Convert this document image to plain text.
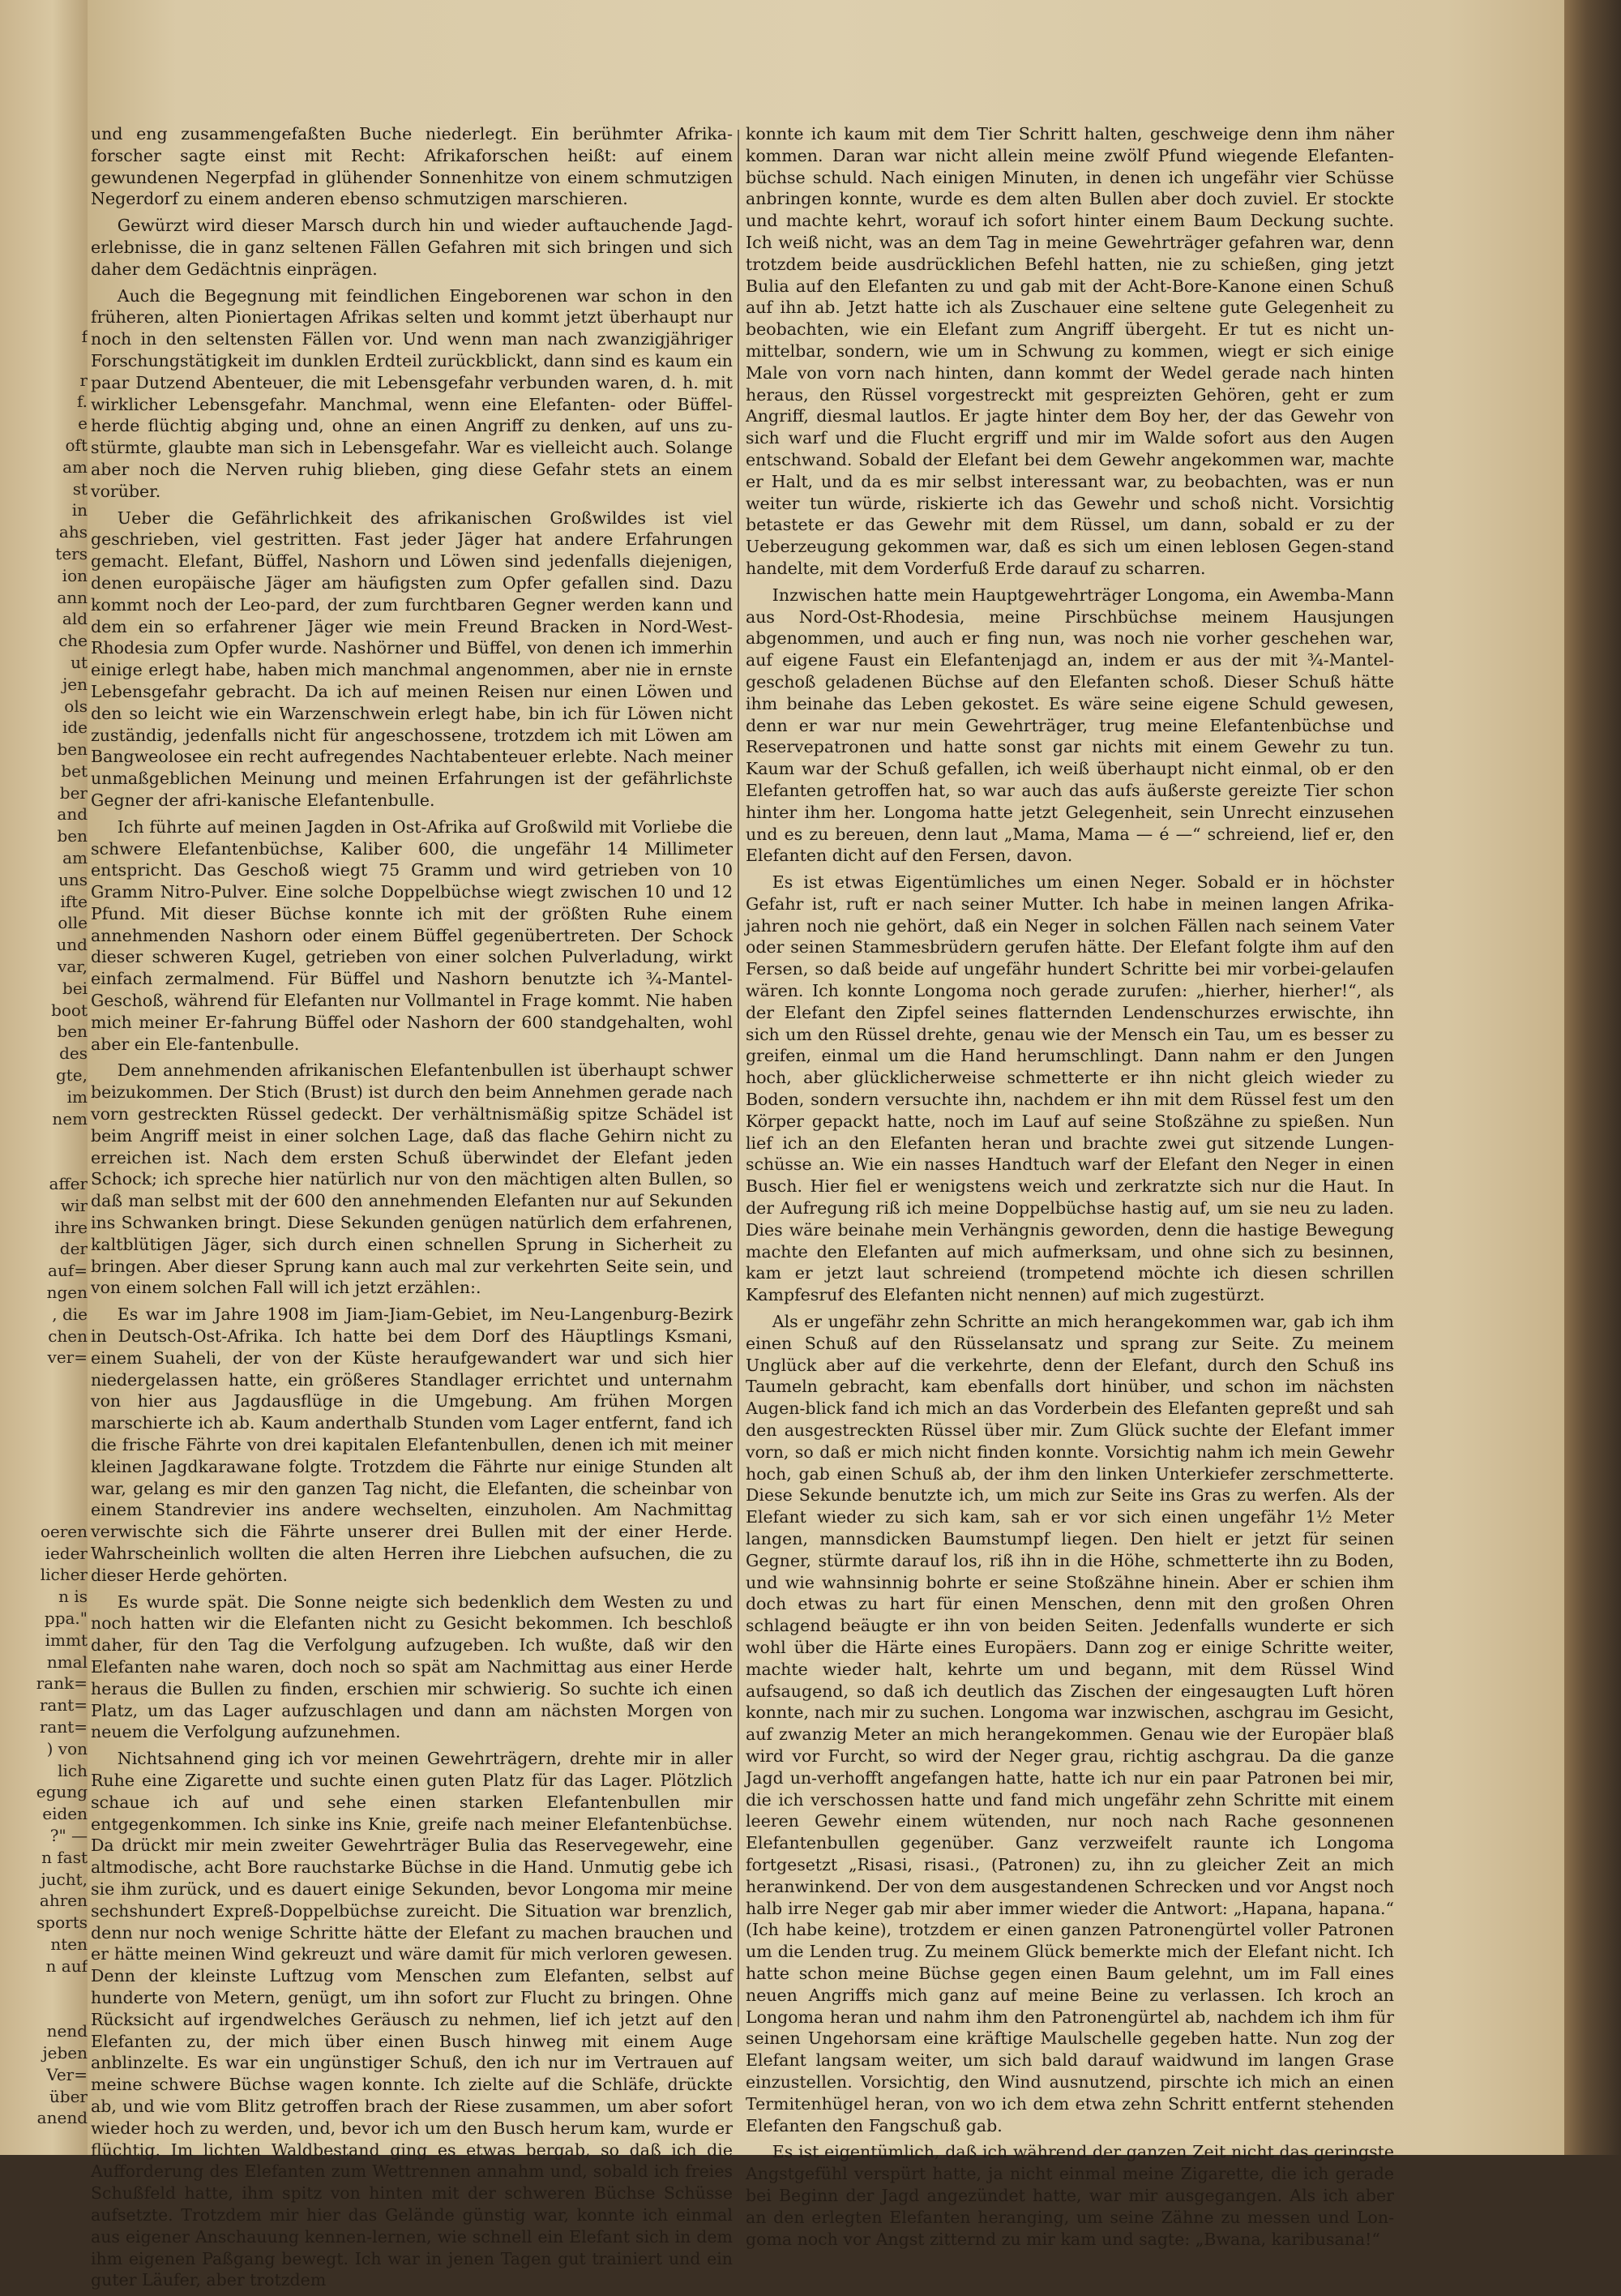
f
r
f.
e
oft
am
st
in
ahs
ters
ion
ann
ald
che
ut
jen
ols
ide
ben
bet
ber
and
ben
am
uns
ifte
olle
und
var,
bei
boot
ben
des
gte,
im
nem
affer
wir
ihre
der
auf=
ngen
, die
chen
ver=
oeren
ieder
licher
n is
ppa."
immt
nmal
rank=
rant=
rant=
) von
lich
egung
eiden
?" —
n fast
jucht,
ahren
sports
nten
n auf
nend
jeben
Ver=
über
anend

und eng zusammengefaßten Buche niederlegt. Ein berühmter Afrika-forscher sagte einst mit Recht: Afrikaforschen heißt: auf einem gewundenen Negerpfad in glühender Sonnenhitze von einem schmutzigen Negerdorf zu einem anderen ebenso schmutzigen marschieren.

Gewürzt wird dieser Marsch durch hin und wieder auftauchende Jagd-erlebnisse, die in ganz seltenen Fällen Gefahren mit sich bringen und sich daher dem Gedächtnis einprägen.

Auch die Begegnung mit feindlichen Eingeborenen war schon in den früheren, alten Pioniertagen Afrikas selten und kommt jetzt überhaupt nur noch in den seltensten Fällen vor. Und wenn man nach zwanzigjähriger Forschungstätigkeit im dunklen Erdteil zurückblickt, dann sind es kaum ein paar Dutzend Abenteuer, die mit Lebensgefahr verbunden waren, d. h. mit wirklicher Lebensgefahr. Manchmal, wenn eine Elefanten- oder Büffel-herde flüchtig abging und, ohne an einen Angriff zu denken, auf uns zu-stürmte, glaubte man sich in Lebensgefahr. War es vielleicht auch. Solange aber noch die Nerven ruhig blieben, ging diese Gefahr stets an einem vorüber.

Ueber die Gefährlichkeit des afrikanischen Großwildes ist viel geschrieben, viel gestritten. Fast jeder Jäger hat andere Erfahrungen gemacht. Elefant, Büffel, Nashorn und Löwen sind jedenfalls diejenigen, denen europäische Jäger am häufigsten zum Opfer gefallen sind. Dazu kommt noch der Leo-pard, der zum furchtbaren Gegner werden kann und dem ein so erfahrener Jäger wie mein Freund Bracken in Nord-West-Rhodesia zum Opfer wurde. Nashörner und Büffel, von denen ich immerhin einige erlegt habe, haben mich manchmal angenommen, aber nie in ernste Lebensgefahr gebracht. Da ich auf meinen Reisen nur einen Löwen und den so leicht wie ein Warzenschwein erlegt habe, bin ich für Löwen nicht zuständig, jedenfalls nicht für angeschossene, trotzdem ich mit Löwen am Bangweolosee ein recht aufregendes Nachtabenteuer erlebte. Nach meiner unmaßgeblichen Meinung und meinen Erfahrungen ist der gefährlichste Gegner der afri-kanische Elefantenbulle.

Ich führte auf meinen Jagden in Ost-Afrika auf Großwild mit Vorliebe die schwere Elefantenbüchse, Kaliber 600, die ungefähr 14 Millimeter entspricht. Das Geschoß wiegt 75 Gramm und wird getrieben von 10 Gramm Nitro-Pulver. Eine solche Doppelbüchse wiegt zwischen 10 und 12 Pfund. Mit dieser Büchse konnte ich mit der größten Ruhe einem annehmenden Nashorn oder einem Büffel gegenübertreten. Der Schock dieser schweren Kugel, getrieben von einer solchen Pulverladung, wirkt einfach zermalmend. Für Büffel und Nashorn benutzte ich ¾-Mantel-Geschoß, während für Elefanten nur Vollmantel in Frage kommt. Nie haben mich meiner Er-fahrung Büffel oder Nashorn der 600 standgehalten, wohl aber ein Ele-fantenbulle.

Dem annehmenden afrikanischen Elefantenbullen ist überhaupt schwer beizukommen. Der Stich (Brust) ist durch den beim Annehmen gerade nach vorn gestreckten Rüssel gedeckt. Der verhältnismäßig spitze Schädel ist beim Angriff meist in einer solchen Lage, daß das flache Gehirn nicht zu erreichen ist. Nach dem ersten Schuß überwindet der Elefant jeden Schock; ich spreche hier natürlich nur von den mächtigen alten Bullen, so daß man selbst mit der 600 den annehmenden Elefanten nur auf Sekunden ins Schwanken bringt. Diese Sekunden genügen natürlich dem erfahrenen, kaltblütigen Jäger, sich durch einen schnellen Sprung in Sicherheit zu bringen. Aber dieser Sprung kann auch mal zur verkehrten Seite sein, und von einem solchen Fall will ich jetzt erzählen:.

Es war im Jahre 1908 im Jiam-Jiam-Gebiet, im Neu-Langenburg-Bezirk in Deutsch-Ost-Afrika. Ich hatte bei dem Dorf des Häuptlings Ksmani, einem Suaheli, der von der Küste heraufgewandert war und sich hier niedergelassen hatte, ein größeres Standlager errichtet und unternahm von hier aus Jagdausflüge in die Umgebung. Am frühen Morgen marschierte ich ab. Kaum anderthalb Stunden vom Lager entfernt, fand ich die frische Fährte von drei kapitalen Elefantenbullen, denen ich mit meiner kleinen Jagdkarawane folgte. Trotzdem die Fährte nur einige Stunden alt war, gelang es mir den ganzen Tag nicht, die Elefanten, die scheinbar von einem Standrevier ins andere wechselten, einzuholen. Am Nachmittag verwischte sich die Fährte unserer drei Bullen mit der einer Herde. Wahrscheinlich wollten die alten Herren ihre Liebchen aufsuchen, die zu dieser Herde gehörten.

Es wurde spät. Die Sonne neigte sich bedenklich dem Westen zu und noch hatten wir die Elefanten nicht zu Gesicht bekommen. Ich beschloß daher, für den Tag die Verfolgung aufzugeben. Ich wußte, daß wir den Elefanten nahe waren, doch noch so spät am Nachmittag aus einer Herde heraus die Bullen zu finden, erschien mir schwierig. So suchte ich einen Platz, um das Lager aufzuschlagen und dann am nächsten Morgen von neuem die Verfolgung aufzunehmen.

Nichtsahnend ging ich vor meinen Gewehrträgern, drehte mir in aller Ruhe eine Zigarette und suchte einen guten Platz für das Lager. Plötzlich schaue ich auf und sehe einen starken Elefantenbullen mir entgegenkommen. Ich sinke ins Knie, greife nach meiner Elefantenbüchse. Da drückt mir mein zweiter Gewehrträger Bulia das Reservegewehr, eine altmodische, acht Bore rauchstarke Büchse in die Hand. Unmutig gebe ich sie ihm zurück, und es dauert einige Sekunden, bevor Longoma mir meine sechshundert Expreß-Doppelbüchse zureicht. Die Situation war brenzlich, denn nur noch wenige Schritte hätte der Elefant zu machen brauchen und er hätte meinen Wind gekreuzt und wäre damit für mich verloren gewesen. Denn der kleinste Luftzug vom Menschen zum Elefanten, selbst auf hunderte von Metern, genügt, um ihn sofort zur Flucht zu bringen. Ohne Rücksicht auf irgendwelches Geräusch zu nehmen, lief ich jetzt auf den Elefanten zu, der mich über einen Busch hinweg mit einem Auge anblinzelte. Es war ein ungünstiger Schuß, den ich nur im Vertrauen auf meine schwere Büchse wagen konnte. Ich zielte auf die Schläfe, drückte ab, und wie vom Blitz getroffen brach der Riese zusammen, um aber sofort wieder hoch zu werden, und, bevor ich um den Busch herum kam, wurde er flüchtig. Im lichten Waldbestand ging es etwas bergab, so daß ich die Aufforderung des Elefanten zum Wettrennen annahm und, sobald ich freies Schußfeld hatte, ihm spitz von hinten mit der schweren Büchse Schüsse aufsetzte. Trotzdem mir hier das Gelände günstig war, konnte ich einmal aus eigener Anschauung kennen-lernen, wie schnell ein Elefant sich in dem ihm eigenen Paßgang bewegt. Ich war in jenen Tagen gut trainiert und ein guter Läufer, aber trotzdem

konnte ich kaum mit dem Tier Schritt halten, geschweige denn ihm näher kommen. Daran war nicht allein meine zwölf Pfund wiegende Elefanten-büchse schuld. Nach einigen Minuten, in denen ich ungefähr vier Schüsse anbringen konnte, wurde es dem alten Bullen aber doch zuviel. Er stockte und machte kehrt, worauf ich sofort hinter einem Baum Deckung suchte. Ich weiß nicht, was an dem Tag in meine Gewehrträger gefahren war, denn trotzdem beide ausdrücklichen Befehl hatten, nie zu schießen, ging jetzt Bulia auf den Elefanten zu und gab mit der Acht-Bore-Kanone einen Schuß auf ihn ab. Jetzt hatte ich als Zuschauer eine seltene gute Gelegenheit zu beobachten, wie ein Elefant zum Angriff übergeht. Er tut es nicht un-mittelbar, sondern, wie um in Schwung zu kommen, wiegt er sich einige Male von vorn nach hinten, dann kommt der Wedel gerade nach hinten heraus, den Rüssel vorgestreckt mit gespreizten Gehören, geht er zum Angriff, diesmal lautlos. Er jagte hinter dem Boy her, der das Gewehr von sich warf und die Flucht ergriff und mir im Walde sofort aus den Augen entschwand. Sobald der Elefant bei dem Gewehr angekommen war, machte er Halt, und da es mir selbst interessant war, zu beobachten, was er nun weiter tun würde, riskierte ich das Gewehr und schoß nicht. Vorsichtig betastete er das Gewehr mit dem Rüssel, um dann, sobald er zu der Ueberzeugung gekommen war, daß es sich um einen leblosen Gegen-stand handelte, mit dem Vorderfuß Erde darauf zu scharren.

Inzwischen hatte mein Hauptgewehrträger Longoma, ein Awemba-Mann aus Nord-Ost-Rhodesia, meine Pirschbüchse meinem Hausjungen abgenommen, und auch er fing nun, was noch nie vorher geschehen war, auf eigene Faust ein Elefantenjagd an, indem er aus der mit ¾-Mantel-geschoß geladenen Büchse auf den Elefanten schoß. Dieser Schuß hätte ihm beinahe das Leben gekostet. Es wäre seine eigene Schuld gewesen, denn er war nur mein Gewehrträger, trug meine Elefantenbüchse und Reservepatronen und hatte sonst gar nichts mit einem Gewehr zu tun. Kaum war der Schuß gefallen, ich weiß überhaupt nicht einmal, ob er den Elefanten getroffen hat, so war auch das aufs äußerste gereizte Tier schon hinter ihm her. Longoma hatte jetzt Gelegenheit, sein Unrecht einzusehen und es zu bereuen, denn laut „Mama, Mama — é —“ schreiend, lief er, den Elefanten dicht auf den Fersen, davon.

Es ist etwas Eigentümliches um einen Neger. Sobald er in höchster Gefahr ist, ruft er nach seiner Mutter. Ich habe in meinen langen Afrika-jahren noch nie gehört, daß ein Neger in solchen Fällen nach seinem Vater oder seinen Stammesbrüdern gerufen hätte. Der Elefant folgte ihm auf den Fersen, so daß beide auf ungefähr hundert Schritte bei mir vorbei-gelaufen wären. Ich konnte Longoma noch gerade zurufen: „hierher, hierher!“, als der Elefant den Zipfel seines flatternden Lendenschurzes erwischte, ihn sich um den Rüssel drehte, genau wie der Mensch ein Tau, um es besser zu greifen, einmal um die Hand herumschlingt. Dann nahm er den Jungen hoch, aber glücklicherweise schmetterte er ihn nicht gleich wieder zu Boden, sondern versuchte ihn, nachdem er ihn mit dem Rüssel fest um den Körper gepackt hatte, noch im Lauf auf seine Stoßzähne zu spießen. Nun lief ich an den Elefanten heran und brachte zwei gut sitzende Lungen-schüsse an. Wie ein nasses Handtuch warf der Elefant den Neger in einen Busch. Hier fiel er wenigstens weich und zerkratzte sich nur die Haut. In der Aufregung riß ich meine Doppelbüchse hastig auf, um sie neu zu laden. Dies wäre beinahe mein Verhängnis geworden, denn die hastige Bewegung machte den Elefanten auf mich aufmerksam, und ohne sich zu besinnen, kam er jetzt laut schreiend (trompetend möchte ich diesen schrillen Kampfesruf des Elefanten nicht nennen) auf mich zugestürzt.

Als er ungefähr zehn Schritte an mich herangekommen war, gab ich ihm einen Schuß auf den Rüsselansatz und sprang zur Seite. Zu meinem Unglück aber auf die verkehrte, denn der Elefant, durch den Schuß ins Taumeln gebracht, kam ebenfalls dort hinüber, und schon im nächsten Augen-blick fand ich mich an das Vorderbein des Elefanten gepreßt und sah den ausgestreckten Rüssel über mir. Zum Glück suchte der Elefant immer vorn, so daß er mich nicht finden konnte. Vorsichtig nahm ich mein Gewehr hoch, gab einen Schuß ab, der ihm den linken Unterkiefer zerschmetterte. Diese Sekunde benutzte ich, um mich zur Seite ins Gras zu werfen. Als der Elefant wieder zu sich kam, sah er vor sich einen ungefähr 1½ Meter langen, mannsdicken Baumstumpf liegen. Den hielt er jetzt für seinen Gegner, stürmte darauf los, riß ihn in die Höhe, schmetterte ihn zu Boden, und wie wahnsinnig bohrte er seine Stoßzähne hinein. Aber er schien ihm doch etwas zu hart für einen Menschen, denn mit den großen Ohren schlagend beäugte er ihn von beiden Seiten. Jedenfalls wunderte er sich wohl über die Härte eines Europäers. Dann zog er einige Schritte weiter, machte wieder halt, kehrte um und begann, mit dem Rüssel Wind aufsaugend, so daß ich deutlich das Zischen der eingesaugten Luft hören konnte, nach mir zu suchen. Longoma war inzwischen, aschgrau im Gesicht, auf zwanzig Meter an mich herangekommen. Genau wie der Europäer blaß wird vor Furcht, so wird der Neger grau, richtig aschgrau. Da die ganze Jagd un-verhofft angefangen hatte, hatte ich nur ein paar Patronen bei mir, die ich verschossen hatte und fand mich ungefähr zehn Schritte mit einem leeren Gewehr einem wütenden, nur noch nach Rache gesonnenen Elefantenbullen gegenüber. Ganz verzweifelt raunte ich Longoma fortgesetzt „Risasi, risasi.‚ (Patronen) zu, ihn zu gleicher Zeit an mich heranwinkend. Der von dem ausgestandenen Schrecken und vor Angst noch halb irre Neger gab mir aber immer wieder die Antwort: „Hapana, hapana.“ (Ich habe keine), trotzdem er einen ganzen Patronengürtel voller Patronen um die Lenden trug. Zu meinem Glück bemerkte mich der Elefant nicht. Ich hatte schon meine Büchse gegen einen Baum gelehnt, um im Fall eines neuen Angriffs mich ganz auf meine Beine zu verlassen. Ich kroch an Longoma heran und nahm ihm den Patronengürtel ab, nachdem ich ihm für seinen Ungehorsam eine kräftige Maulschelle gegeben hatte. Nun zog der Elefant langsam weiter, um sich bald darauf waidwund im langen Grase einzustellen. Vorsichtig, den Wind ausnutzend, pirschte ich mich an einen Termitenhügel heran, von wo ich dem etwa zehn Schritt entfernt stehenden Elefanten den Fangschuß gab.

Es ist eigentümlich, daß ich während der ganzen Zeit nicht das geringste Angstgefühl verspürt hatte, ja nicht einmal meine Zigarette, die ich gerade bei Beginn der Jagd angezündet hatte, war mir ausgegangen. Als ich aber an den erlegten Elefanten heranging, um seine Zähne zu messen und Lon-goma noch vor Angst zitternd zu mir kam und sagte: „Bwana, karibusana!“
